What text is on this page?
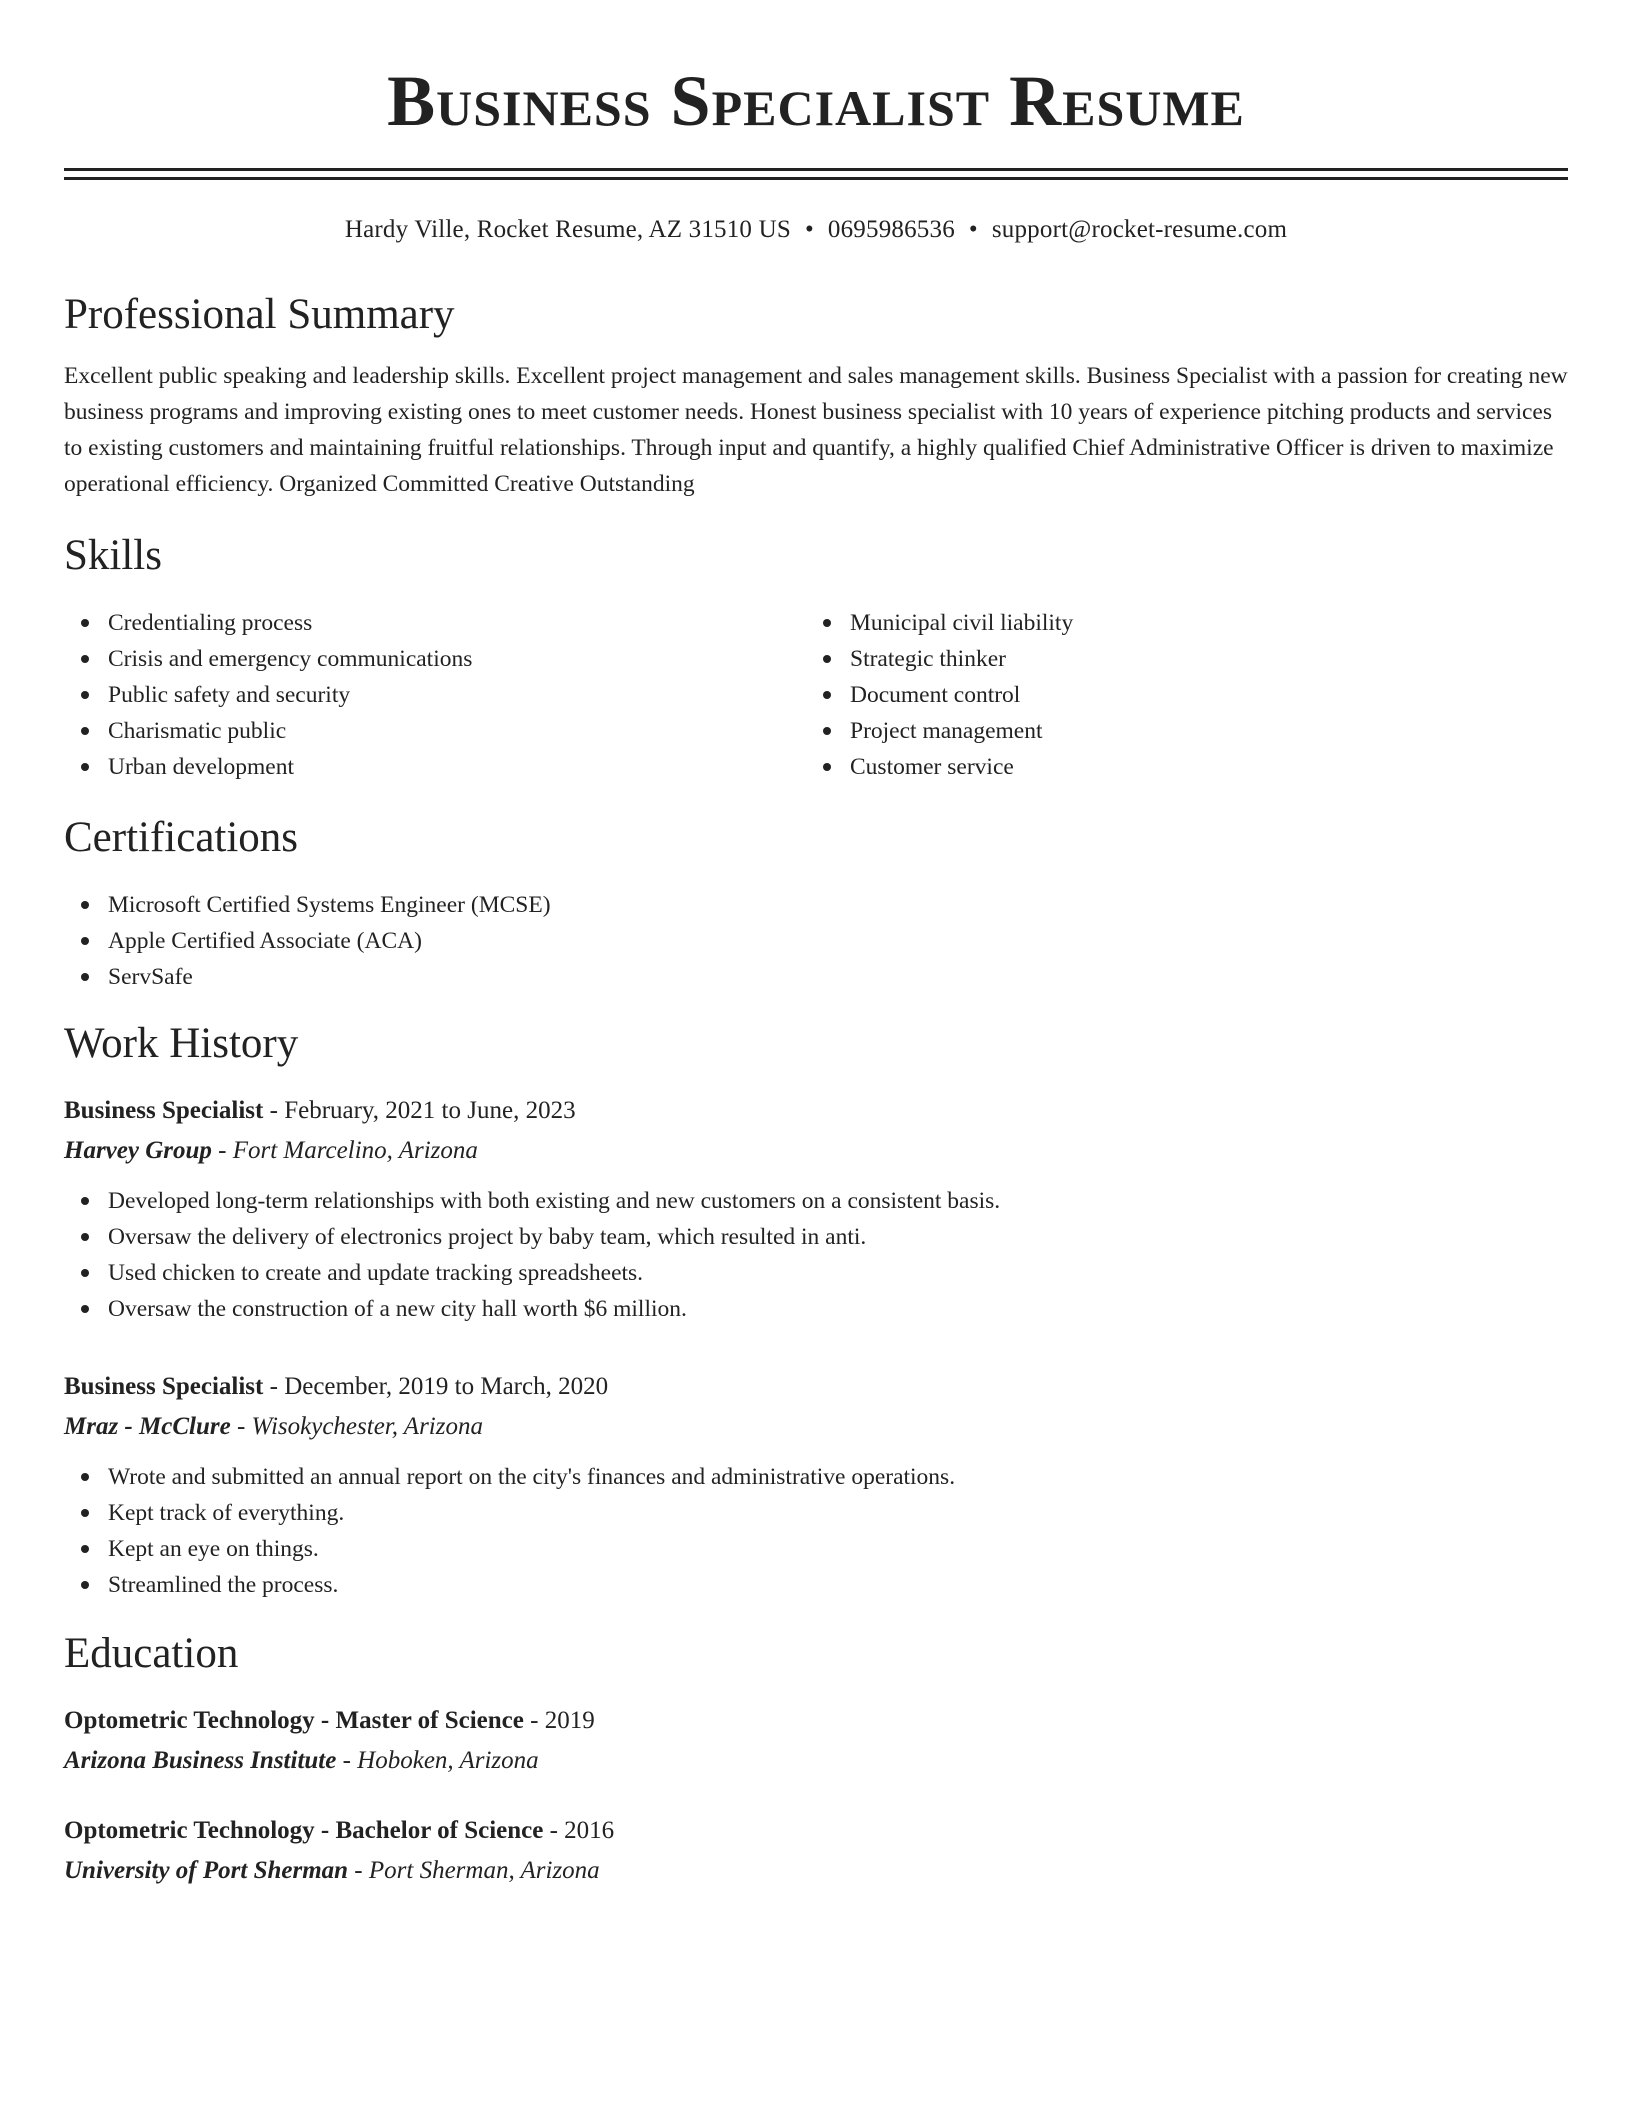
Business Specialist Resume
Hardy Ville, Rocket Resume, AZ 31510 US • 0695986536 • support@rocket-resume.com
Professional Summary

Excellent public speaking and leadership skills. Excellent project management and sales management skills. Business Specialist with a passion for creating new business programs and improving existing ones to meet customer needs. Honest business specialist with 10 years of experience pitching products and services to existing customers and maintaining fruitful relationships. Through input and quantify, a highly qualified Chief Administrative Officer is driven to maximize operational efficiency. Organized Committed Creative Outstanding

Skills
Credentialing process
Crisis and emergency communications
Public safety and security
Charismatic public
Urban development
Municipal civil liability
Strategic thinker
Document control
Project management
Customer service
Certifications
Microsoft Certified Systems Engineer (MCSE)
Apple Certified Associate (ACA)
ServSafe
Work History
Business Specialist - February, 2021 to June, 2023
Harvey Group - Fort Marcelino, Arizona
Developed long-term relationships with both existing and new customers on a consistent basis.
Oversaw the delivery of electronics project by baby team, which resulted in anti.
Used chicken to create and update tracking spreadsheets.
Oversaw the construction of a new city hall worth $6 million.
Business Specialist - December, 2019 to March, 2020
Mraz - McClure - Wisokychester, Arizona
Wrote and submitted an annual report on the city's finances and administrative operations.
Kept track of everything.
Kept an eye on things.
Streamlined the process.
Education
Optometric Technology - Master of Science - 2019
Arizona Business Institute - Hoboken, Arizona
Optometric Technology - Bachelor of Science - 2016
University of Port Sherman - Port Sherman, Arizona
